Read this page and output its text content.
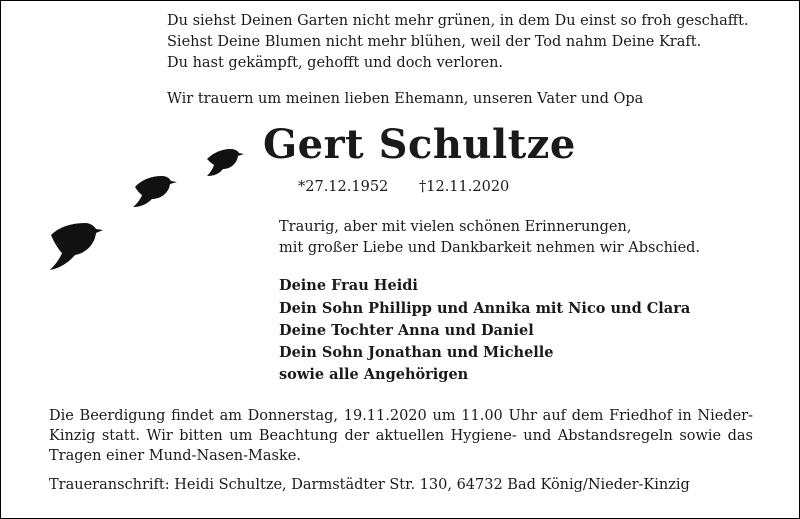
Du siehst Deinen Garten nicht mehr grünen, in dem Du einst so froh geschafft.
Siehst Deine Blumen nicht mehr blühen, weil der Tod nahm Deine Kraft.
Du hast gekämpft, gehofft und doch verloren.
Wir trauern um meinen lieben Ehemann, unseren Vater und Opa
Gert Schultze
*27.12.1952 †12.11.2020
Traurig, aber mit vielen schönen Erinnerungen,
mit großer Liebe und Dankbarkeit nehmen wir Abschied.
Deine Frau Heidi
Dein Sohn Phillipp und Annika mit Nico und Clara
Deine Tochter Anna und Daniel
Dein Sohn Jonathan und Michelle
sowie alle Angehörigen
Die Beerdigung findet am Donnerstag, 19.11.2020 um 11.00 Uhr auf dem Friedhof in Nieder-Kinzig statt. Wir bitten um Beachtung der aktuellen Hygiene- und Abstandsregeln sowie das Tragen einer Mund-Nasen-Maske.
Traueranschrift: Heidi Schultze, Darmstädter Str. 130, 64732 Bad König/Nieder-Kinzig
